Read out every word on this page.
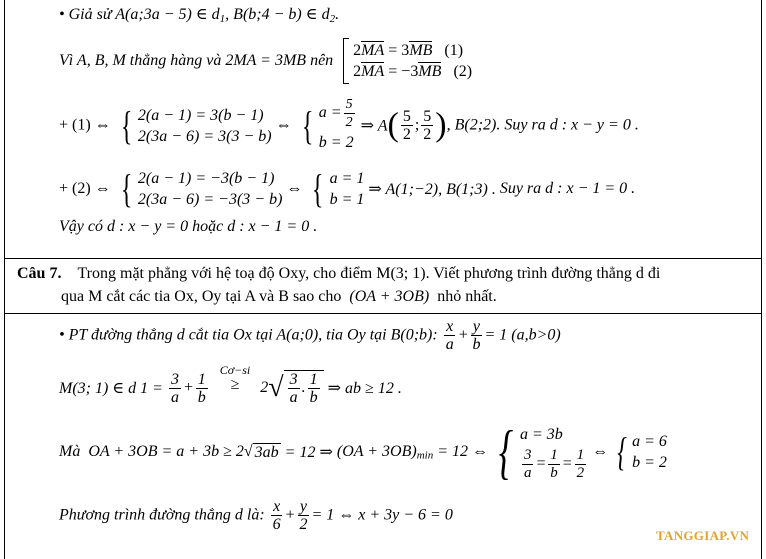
• Giả sử A(a;3a − 5) ∈ $d_1$, B(b;4 − b) ∈ $d_2$.
Vì A, B, M thẳng hàng và 2MA = 3MB nên
2MA = 3MB (1)
2MA = −3MB (2)
+ (1) ⇔ { 2(a − 1) = 3(b − 1)
2(3a − 6) = 3(3 − b)
⇔ { $a = \frac{5}{2}$
b = 2
⇒ $A( \frac{5}{2}$ ; $\frac{5}{2}$ ), B(2;2). Suy ra d : x − y = 0 .
+ (2) ⇔ { 2(a − 1) = −3(b − 1)
2(3a − 6) = −3(3 − b)
⇔ { a = 1
b = 1
⇒ A(1;−2), B(1;3) . Suy ra d : x − 1 = 0 .
Vậy có d : x − y = 0 hoặc d : x − 1 = 0 .
Câu 7. Trong mặt phẳng với hệ toạ độ Oxy, cho điểm M(3; 1). Viết phương trình đường thẳng d đi
qua M cắt các tia Ox, Oy tại A và B sao cho (OA + 3OB) nhỏ nhất.
• PT đường thẳng d cắt tia Ox tại A(a;0), tia Oy tại B(0;b): $\frac{x}{a} + \frac{y}{b} = 1$ (a,b>0)
M(3; 1) ∈ d $1 = \frac{3}{a} + \frac{1}{b}$

Cơ−si
≥ $2√ \frac{3}{a}$ . $\frac{1}{b}$ ⇒ ab ≥ 12 .
Mà OA + 3OB = a + 3b ≥ 2√ 3ab = 12 ⇒ $(OA + 3OB)_{min} = 12$ ⇔ { a = 3b
$\frac{3}{a} = \frac{1}{b} = \frac{1}{2}$ ⇔ { a = 6
b = 2
Phương trình đường thẳng d là: $\frac{x}{6} + \frac{y}{2} = 1$ ⇔ x + 3y − 6 = 0
TANGGIAP.VN
